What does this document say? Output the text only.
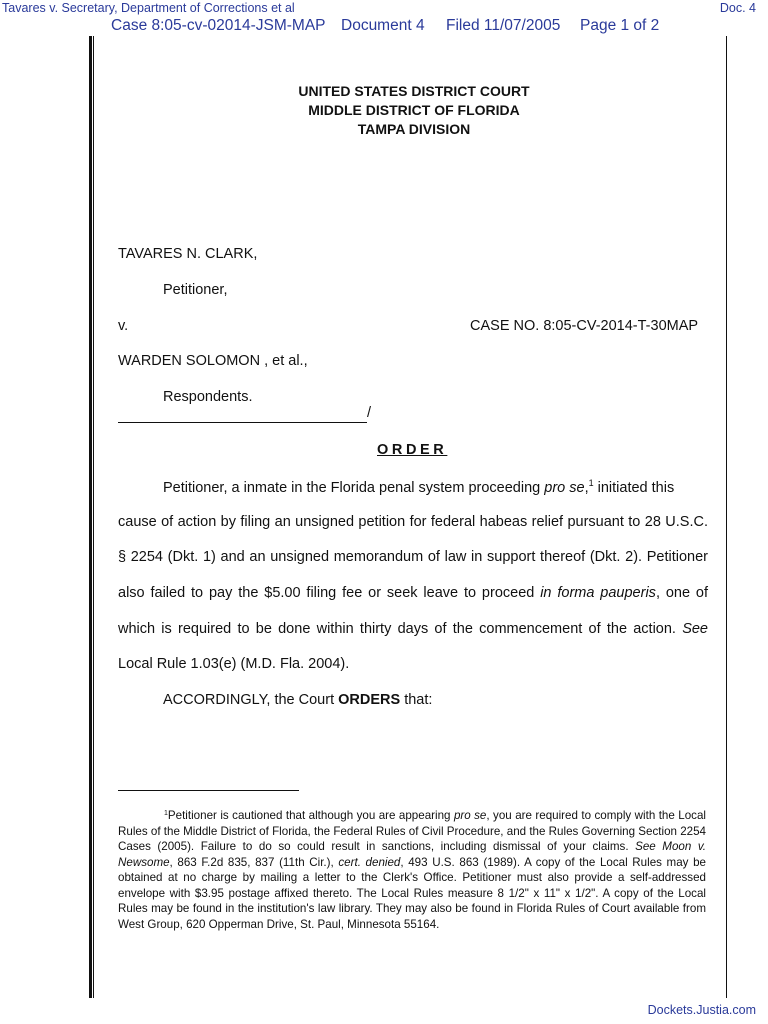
Tavares v. Secretary, Department of Corrections et al	Doc. 4
Dockets.Justia.com
Case 8:05-cv-02014-JSM-MAP Document 4 Filed 11/07/2005 Page 1 of 2
UNITED STATES DISTRICT COURT
MIDDLE DISTRICT OF FLORIDA
TAMPA DIVISION
TAVARES N. CLARK,
Petitioner,
v.	CASE NO. 8:05-CV-2014-T-30MAP
WARDEN SOLOMON , et al.,
Respondents.
/
ORDER
Petitioner, a inmate in the Florida penal system proceeding pro se,$^1$ initiated this
cause of action by filing an unsigned petition for federal habeas relief pursuant to 28 U.S.C.
§ 2254 (Dkt. 1) and an unsigned memorandum of law in support thereof (Dkt. 2). Petitioner
also failed to pay the $5.00 filing fee or seek leave to proceed in forma pauperis, one of
which is required to be done within thirty days of the commencement of the action. See
Local Rule 1.03(e) (M.D. Fla. 2004).
ACCORDINGLY, the Court ORDERS that:
$^1$Petitioner is cautioned that although you are appearing pro se, you are required to comply with the Local Rules of the Middle District of Florida, the Federal Rules of Civil Procedure, and the Rules Governing Section 2254 Cases (2005). Failure to do so could result in sanctions, including dismissal of your claims. See Moon v. Newsome, 863 F.2d 835, 837 (11th Cir.), cert. denied, 493 U.S. 863 (1989). A copy of the Local Rules may be obtained at no charge by mailing a letter to the Clerk's Office. Petitioner must also provide a self-addressed envelope with $3.95 postage affixed thereto. The Local Rules measure 8 1/2" x 11" x 1/2". A copy of the Local Rules may be found in the institution's law library. They may also be found in Florida Rules of Court available from West Group, 620 Opperman Drive, St. Paul, Minnesota 55164.
